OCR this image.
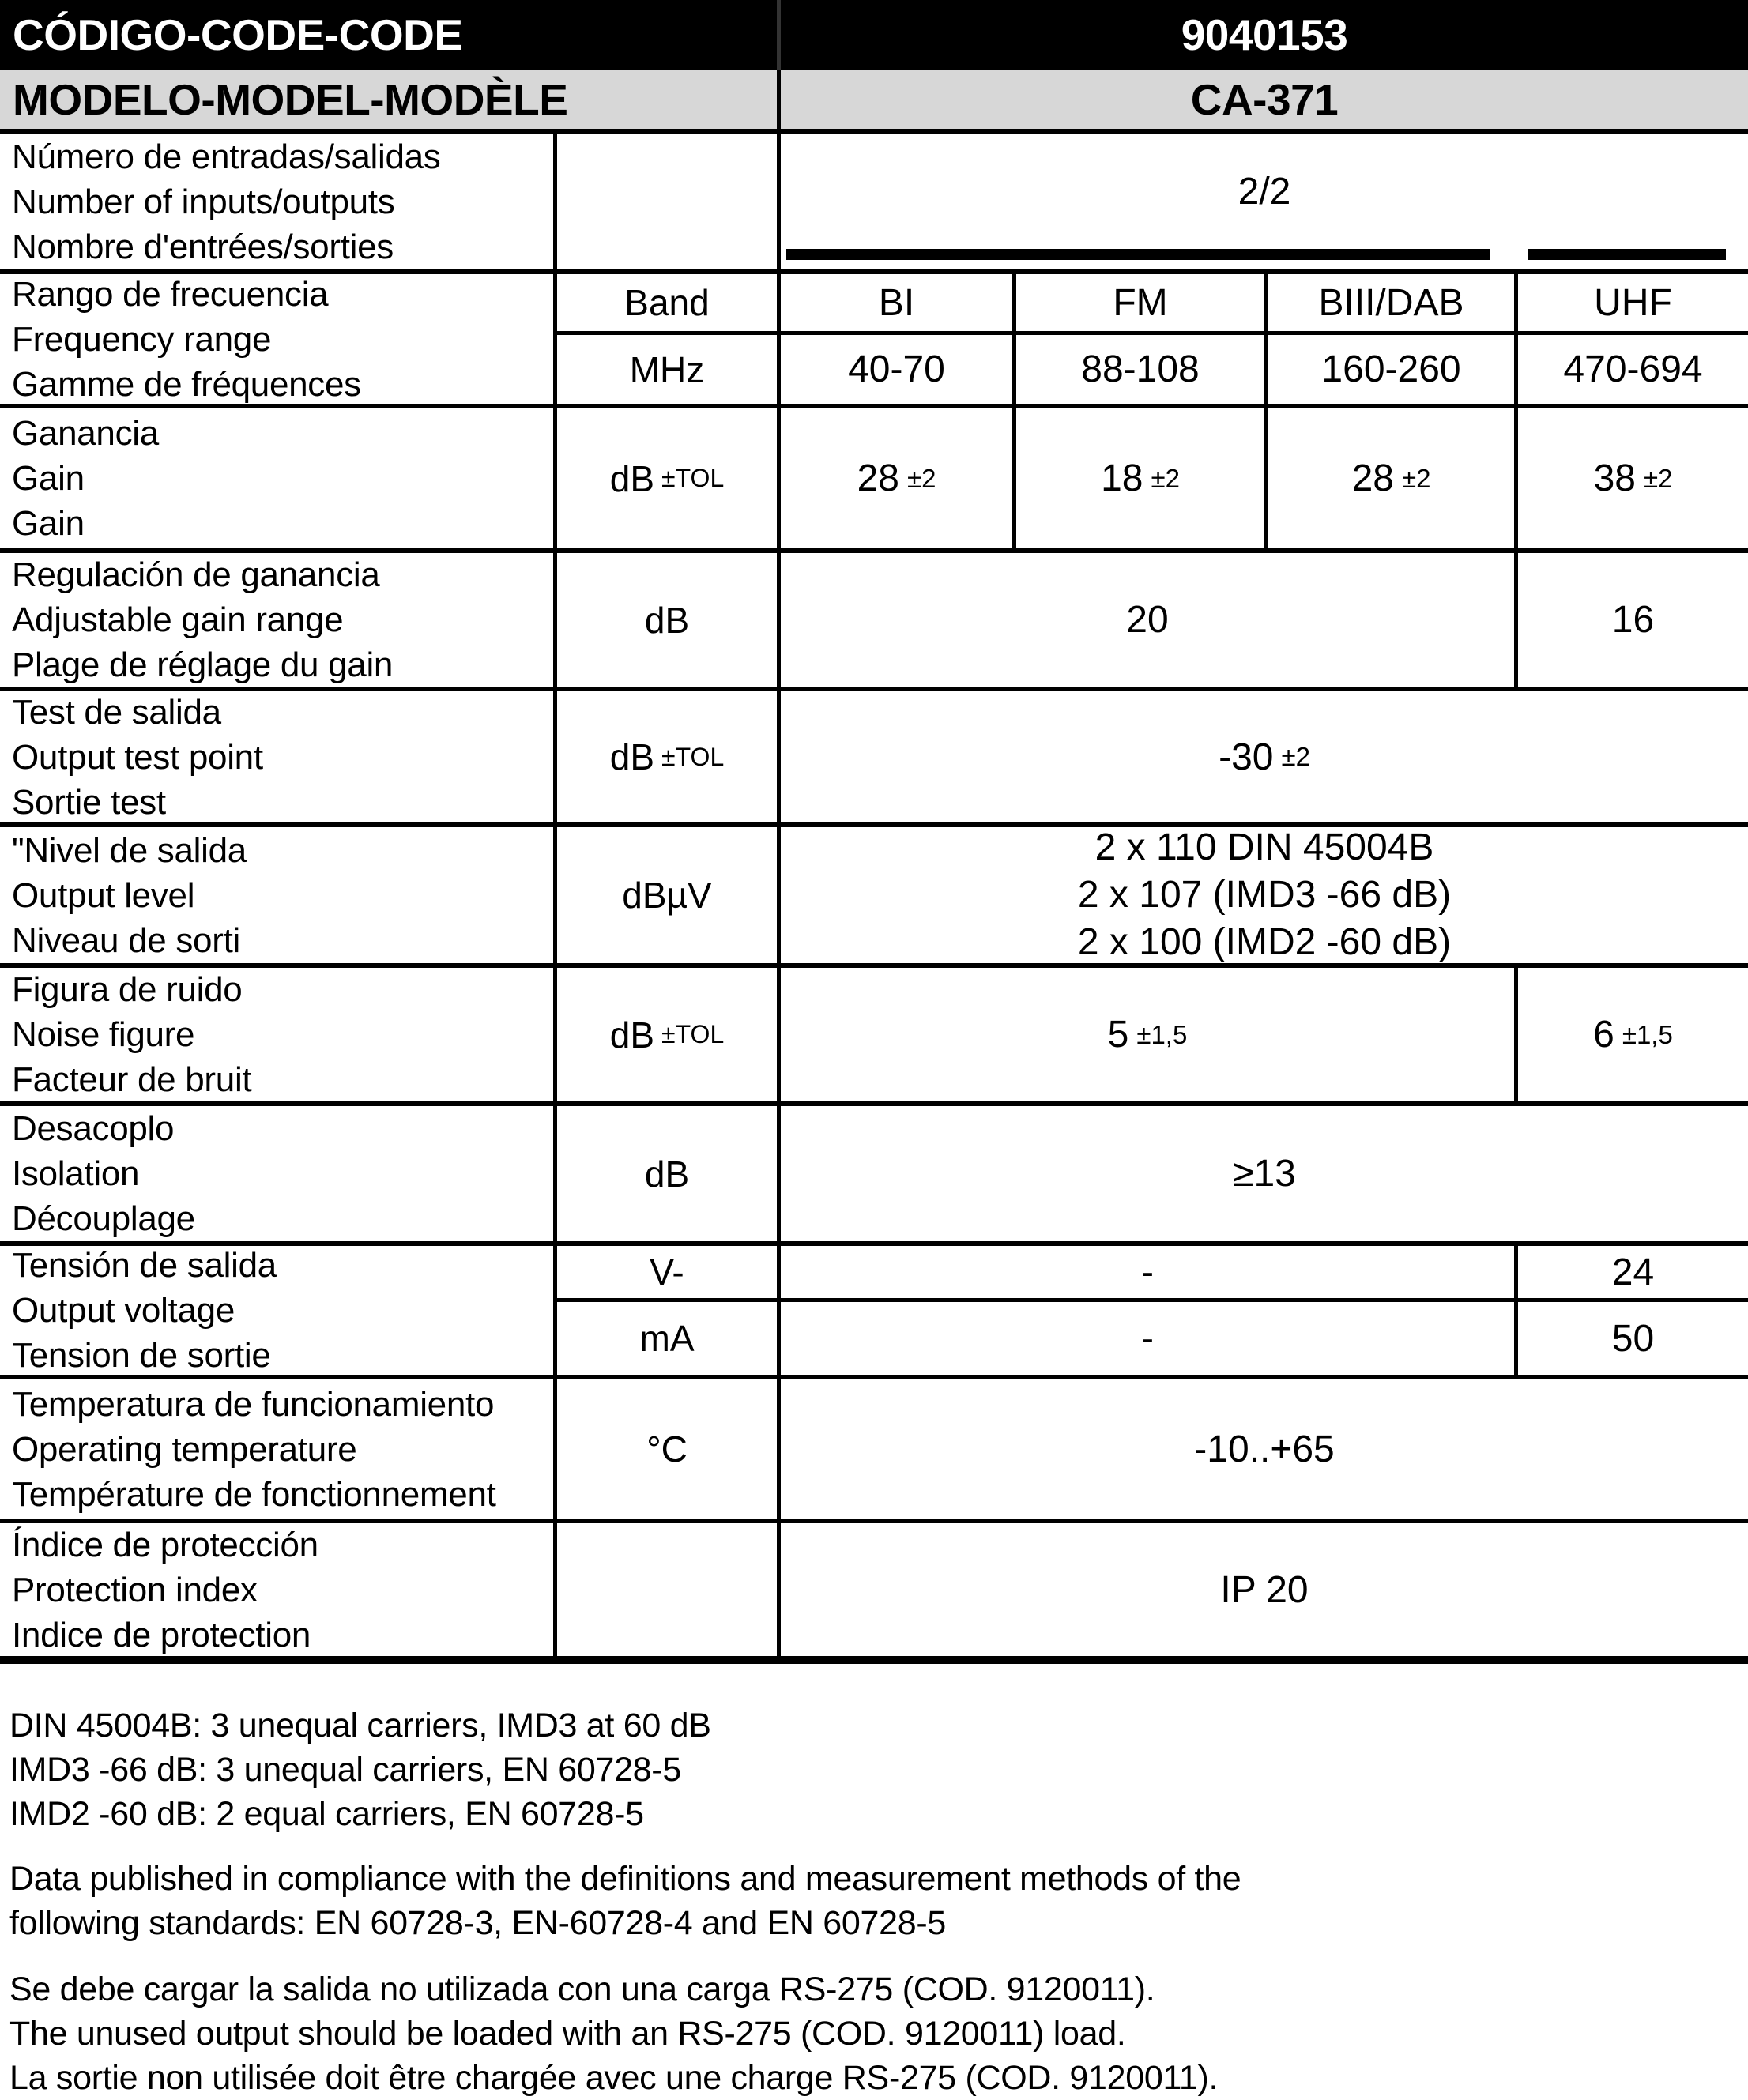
CÓDIGO-CODE-CODE	9040153
MODELO-MODEL-MODÈLE	CA-371
Número de entradas/salidas
Number of inputs/outputs
Nombre d'entrées/sorties
2/2
Rango de frecuencia
Frequency range
Gamme de fréquences
Band	BI	FM	BIII/DAB	UHF
MHz	40-70	88-108	160-260	470-694
Ganancia
Gain
Gain
dB ±TOL	28 ±2	18 ±2	28 ±2	38 ±2
Regulación de ganancia
Adjustable gain range
Plage de réglage du gain
dB	20	16
Test de salida
Output test point
Sortie test
dB ±TOL	-30 ±2
"Nivel de salida
Output level
Niveau de sorti
dBµV
2 x 110 DIN 45004B
2 x 107 (IMD3 -66 dB)
2 x 100 (IMD2 -60 dB)
Figura de ruido
Noise figure
Facteur de bruit
dB ±TOL	5 ±1,5	6 ±1,5
Desacoplo
Isolation
Découplage
dB	≥13
Tensión de salida
Output voltage
Tension de sortie
V-	-	24
mA	-	50
Temperatura de funcionamiento
Operating temperature
Température de fonctionnement
°C	-10..+65
Índice de protección
Protection index
Indice de protection
IP 20
DIN 45004B: 3 unequal carriers, IMD3 at 60 dB
IMD3 -66 dB: 3 unequal carriers, EN 60728-5
IMD2 -60 dB: 2 equal carriers, EN 60728-5
Data published in compliance with the definitions and measurement methods of the
following standards: EN 60728-3, EN-60728-4 and EN 60728-5
Se debe cargar la salida no utilizada con una carga RS-275 (COD. 9120011).
The unused output should be loaded with an RS-275 (COD. 9120011) load.
La sortie non utilisée doit être chargée avec une charge RS-275 (COD. 9120011).
